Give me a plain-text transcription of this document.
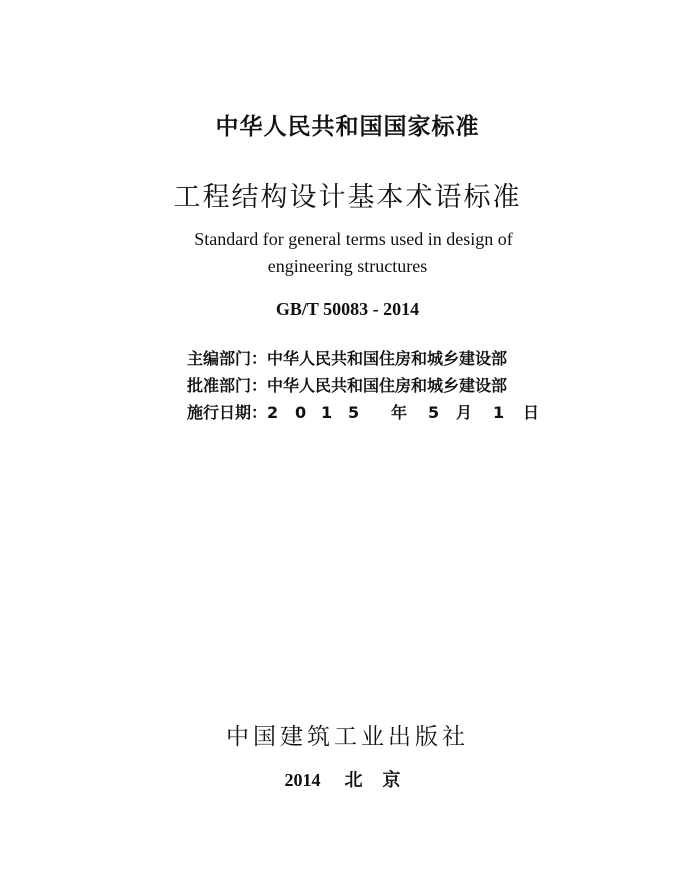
中华人民共和国国家标准
工程结构设计基本术语标准
Standard for general terms used in design of
engineering structures
GB/T 50083 - 2014
主编部门：中华人民共和国住房和城乡建设部
批准部门：中华人民共和国住房和城乡建设部
施行日期：2 0 1 5 年 5 月 1 日
中国建筑工业出版社
2014 北 京
